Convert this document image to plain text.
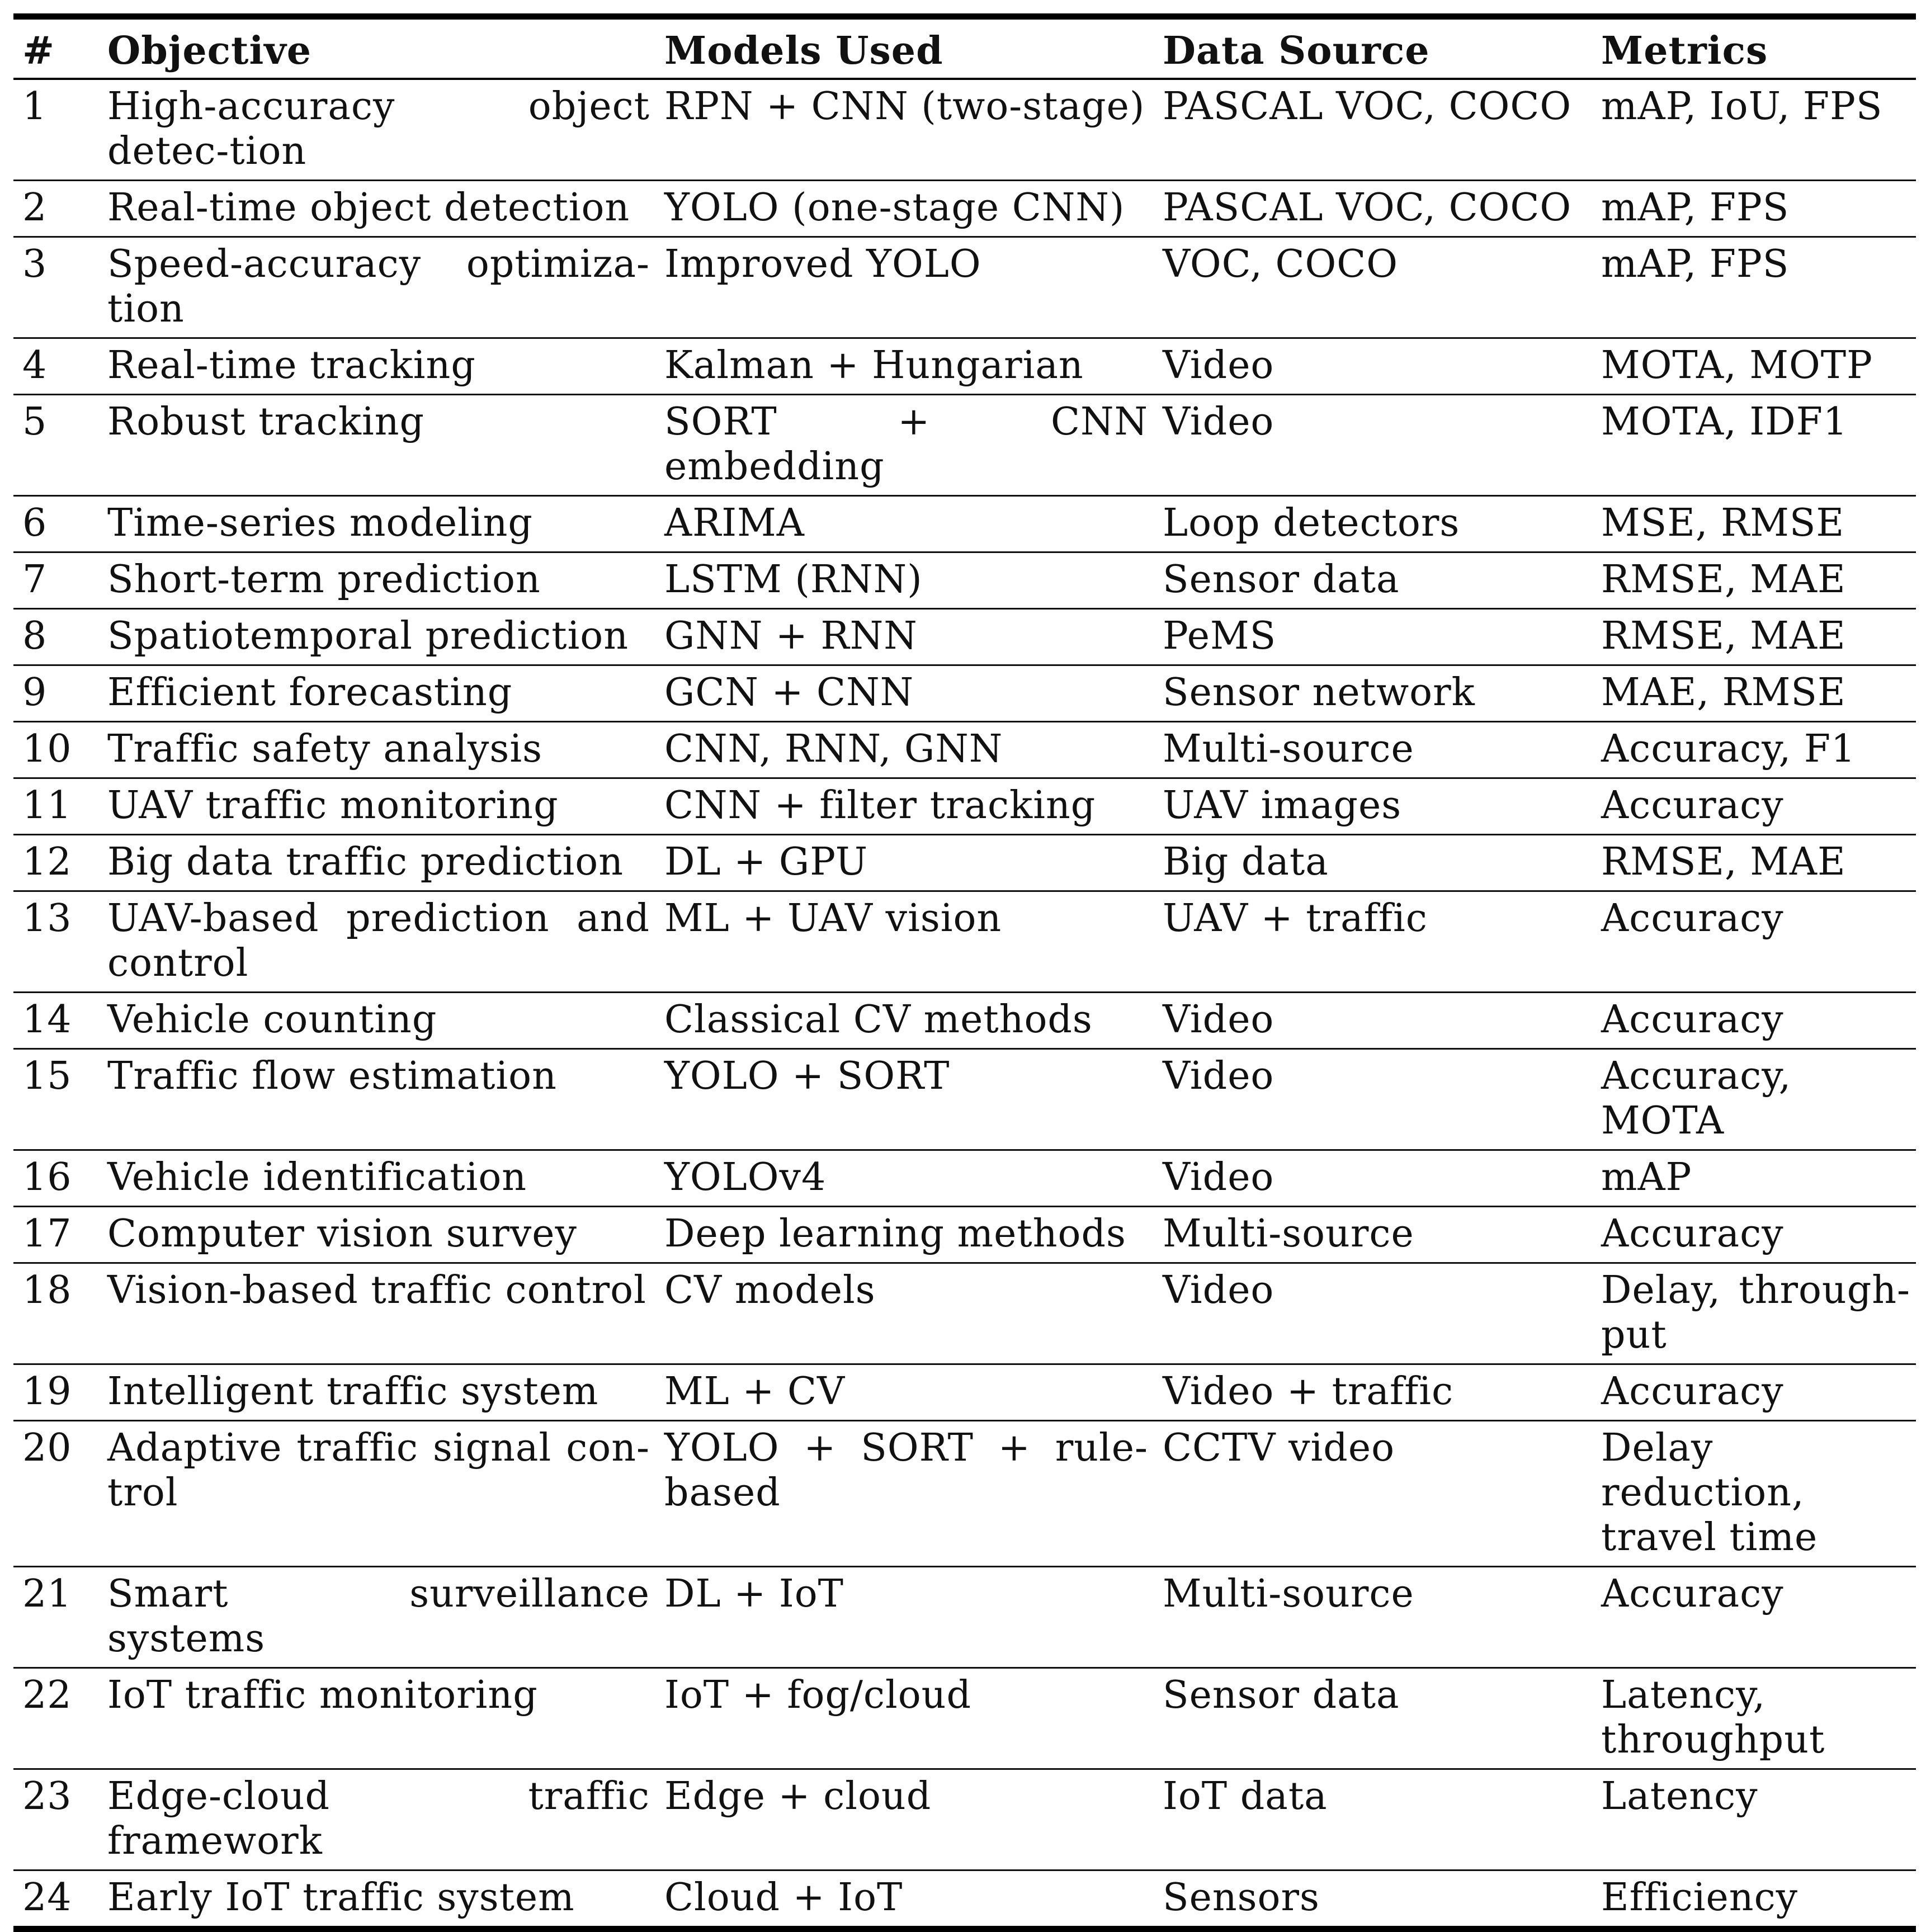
#	Objective	Models Used	Data Source	Metrics
1	High-accuracy object detec-tion	RPN + CNN (two-stage)	PASCAL VOC, COCO	mAP, IoU, FPS
2	Real-time object detection	YOLO (one-stage CNN)	PASCAL VOC, COCO	mAP, FPS
3	Speed-accuracy optimiza-tion	Improved YOLO	VOC, COCO	mAP, FPS
4	Real-time tracking	Kalman + Hungarian	Video	MOTA, MOTP
5	Robust tracking	SORT + CNN embedding	Video	MOTA, IDF1
6	Time-series modeling	ARIMA	Loop detectors	MSE, RMSE
7	Short-term prediction	LSTM (RNN)	Sensor data	RMSE, MAE
8	Spatiotemporal prediction	GNN + RNN	PeMS	RMSE, MAE
9	Efficient forecasting	GCN + CNN	Sensor network	MAE, RMSE
10	Traffic safety analysis	CNN, RNN, GNN	Multi-source	Accuracy, F1
11	UAV traffic monitoring	CNN + filter tracking	UAV images	Accuracy
12	Big data traffic prediction	DL + GPU	Big data	RMSE, MAE
13	UAV-based prediction and control	ML + UAV vision	UAV + traffic	Accuracy
14	Vehicle counting	Classical CV methods	Video	Accuracy
15	Traffic flow estimation	YOLO + SORT	Video	Accuracy, MOTA
16	Vehicle identification	YOLOv4	Video	mAP
17	Computer vision survey	Deep learning methods	Multi-source	Accuracy
18	Vision-based traffic control	CV models	Video	Delay, through-put
19	Intelligent traffic system	ML + CV	Video + traffic	Accuracy
20	Adaptive traffic signal con-trol	YOLO + SORT + rule-based	CCTV video	Delay reduction, travel time
21	Smart surveillance systems	DL + IoT	Multi-source	Accuracy
22	IoT traffic monitoring	IoT + fog/cloud	Sensor data	Latency, throughput
23	Edge-cloud traffic framework	Edge + cloud	IoT data	Latency
24	Early IoT traffic system	Cloud + IoT	Sensors	Efficiency
